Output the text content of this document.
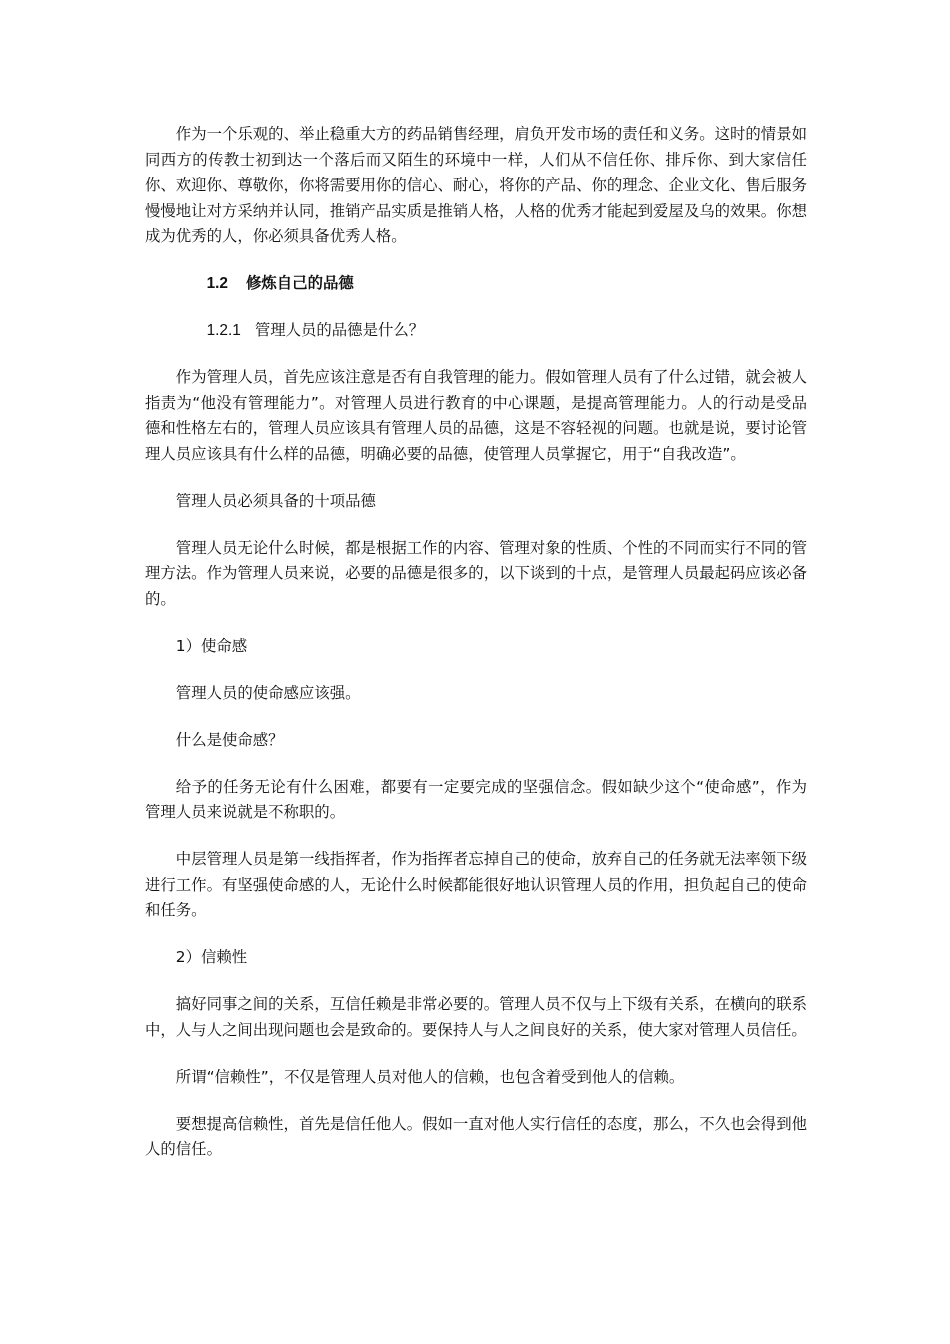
作为一个乐观的、举止稳重大方的药品销售经理，肩负开发市场的责任和义务。这时的情景如同西方的传教士初到达一个落后而又陌生的环境中一样，人们从不信任你、排斥你、到大家信任你、欢迎你、尊敬你，你将需要用你的信心、耐心，将你的产品、你的理念、企业文化、售后服务慢慢地让对方采纳并认同，推销产品实质是推销人格，人格的优秀才能起到爱屋及乌的效果。你想成为优秀的人，你必须具备优秀人格。

1.2 修炼自己的品德

1.2.1 管理人员的品德是什么？

作为管理人员，首先应该注意是否有自我管理的能力。假如管理人员有了什么过错，就会被人指责为“他没有管理能力”。对管理人员进行教育的中心课题，是提高管理能力。人的行动是受品德和性格左右的，管理人员应该具有管理人员的品德，这是不容轻视的问题。也就是说，要讨论管理人员应该具有什么样的品德，明确必要的品德，使管理人员掌握它，用于“自我改造”。

管理人员必须具备的十项品德

管理人员无论什么时候，都是根据工作的内容、管理对象的性质、个性的不同而实行不同的管理方法。作为管理人员来说，必要的品德是很多的，以下谈到的十点，是管理人员最起码应该必备的。

1）使命感

管理人员的使命感应该强。

什么是使命感？

给予的任务无论有什么困难，都要有一定要完成的坚强信念。假如缺少这个“使命感”，作为管理人员来说就是不称职的。

中层管理人员是第一线指挥者，作为指挥者忘掉自己的使命，放弃自己的任务就无法率领下级进行工作。有坚强使命感的人，无论什么时候都能很好地认识管理人员的作用，担负起自己的使命和任务。

2）信赖性

搞好同事之间的关系，互信任赖是非常必要的。管理人员不仅与上下级有关系，在横向的联系中，人与人之间出现问题也会是致命的。要保持人与人之间良好的关系，使大家对管理人员信任。

所谓“信赖性”，不仅是管理人员对他人的信赖，也包含着受到他人的信赖。

要想提高信赖性，首先是信任他人。假如一直对他人实行信任的态度，那么，不久也会得到他人的信任。
